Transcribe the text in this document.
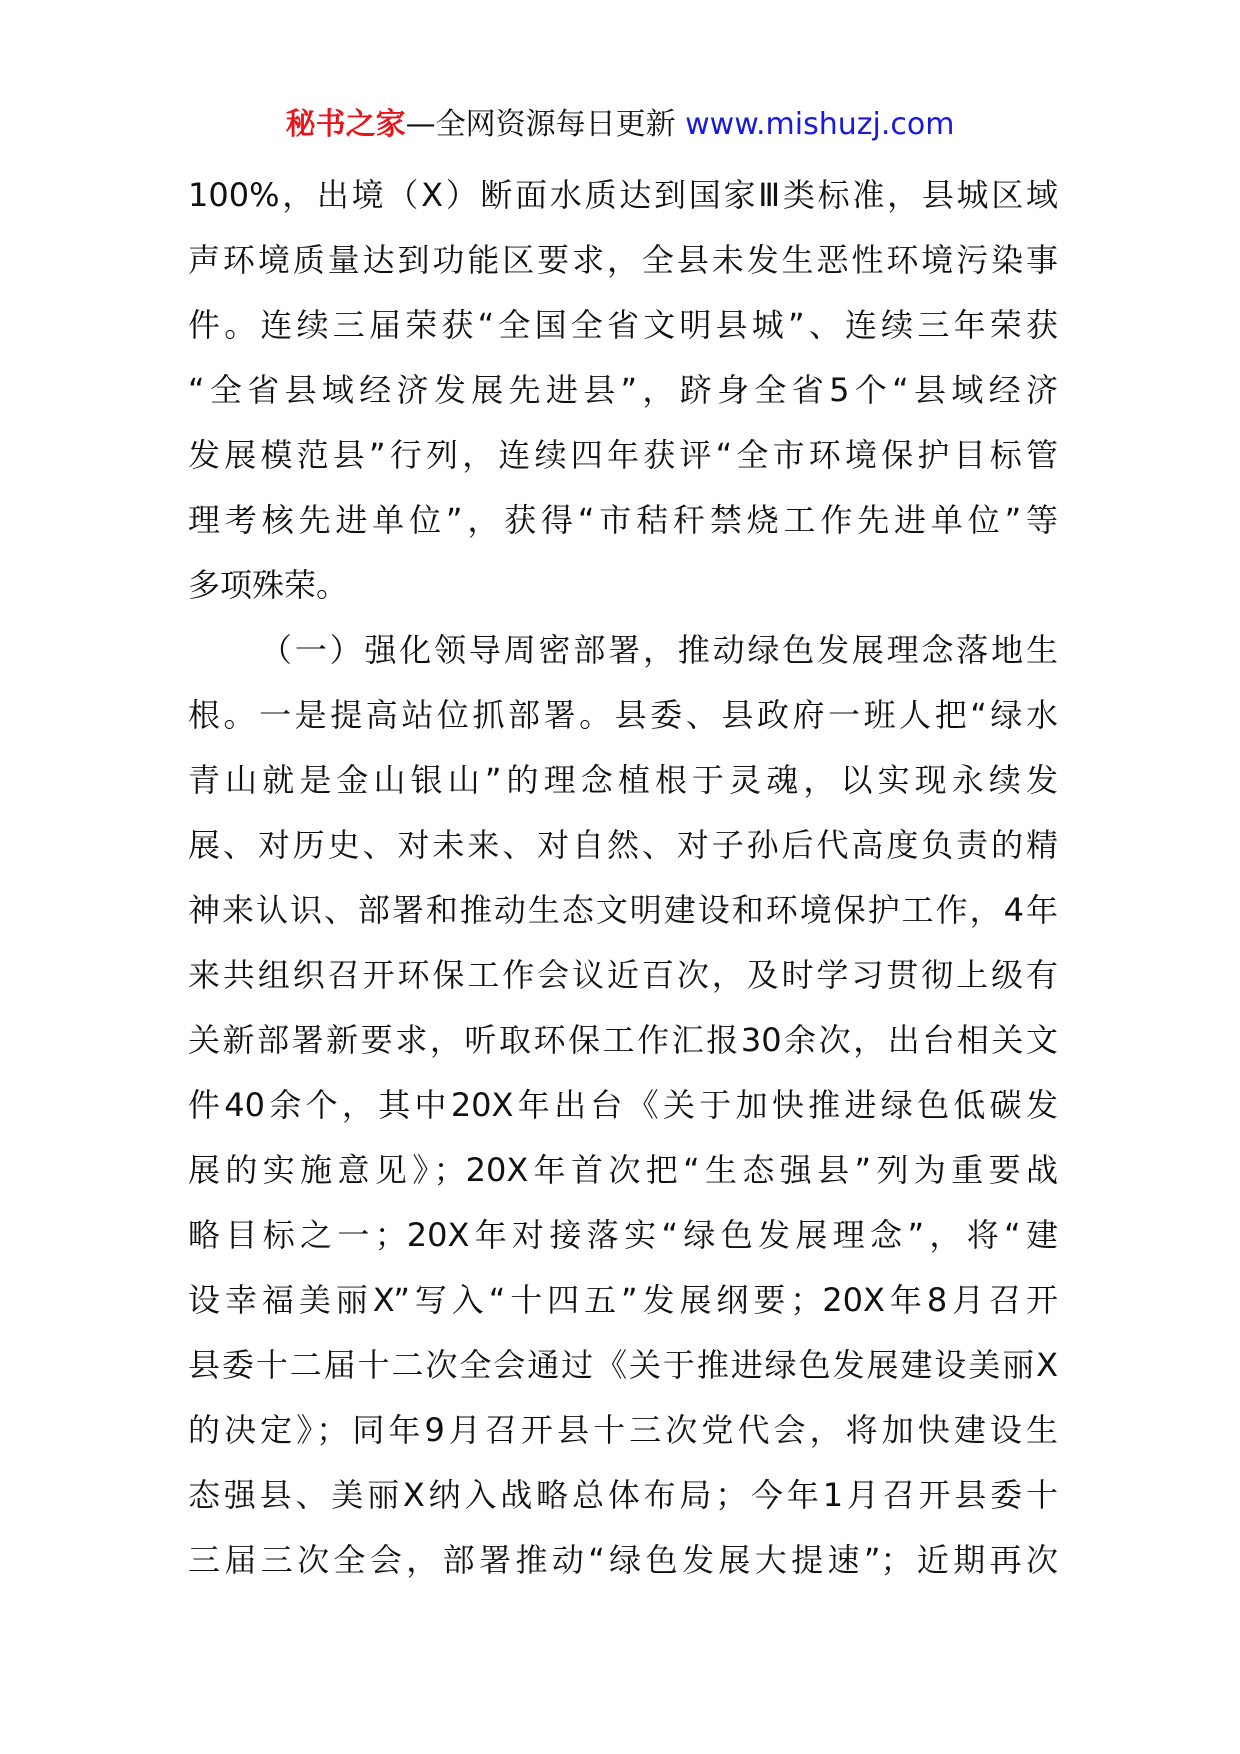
秘书之家—全网资源每日更新 www.mishuzj.com
100%，出境（X）断面水质达到国家Ⅲ类标准，县城区域
声环境质量达到功能区要求，全县未发生恶性环境污染事
件。连续三届荣获“全国全省文明县城”、连续三年荣获
“全省县域经济发展先进县”，跻身全省5个“县域经济
发展模范县”行列，连续四年获评“全市环境保护目标管
理考核先进单位”，获得“市秸秆禁烧工作先进单位”等
多项殊荣。
（一）强化领导周密部署，推动绿色发展理念落地生
根。一是提高站位抓部署。县委、县政府一班人把“绿水
青山就是金山银山”的理念植根于灵魂，以实现永续发
展、对历史、对未来、对自然、对子孙后代高度负责的精
神来认识、部署和推动生态文明建设和环境保护工作，4年
来共组织召开环保工作会议近百次，及时学习贯彻上级有
关新部署新要求，听取环保工作汇报30余次，出台相关文
件40余个，其中20X年出台《关于加快推进绿色低碳发
展的实施意见》；20X年首次把“生态强县”列为重要战
略目标之一；20X年对接落实“绿色发展理念”，将“建
设幸福美丽X”写入“十四五”发展纲要；20X年8月召开
县委十二届十二次全会通过《关于推进绿色发展建设美丽X
的决定》；同年9月召开县十三次党代会，将加快建设生
态强县、美丽X纳入战略总体布局；今年1月召开县委十
三届三次全会，部署推动“绿色发展大提速”；近期再次
